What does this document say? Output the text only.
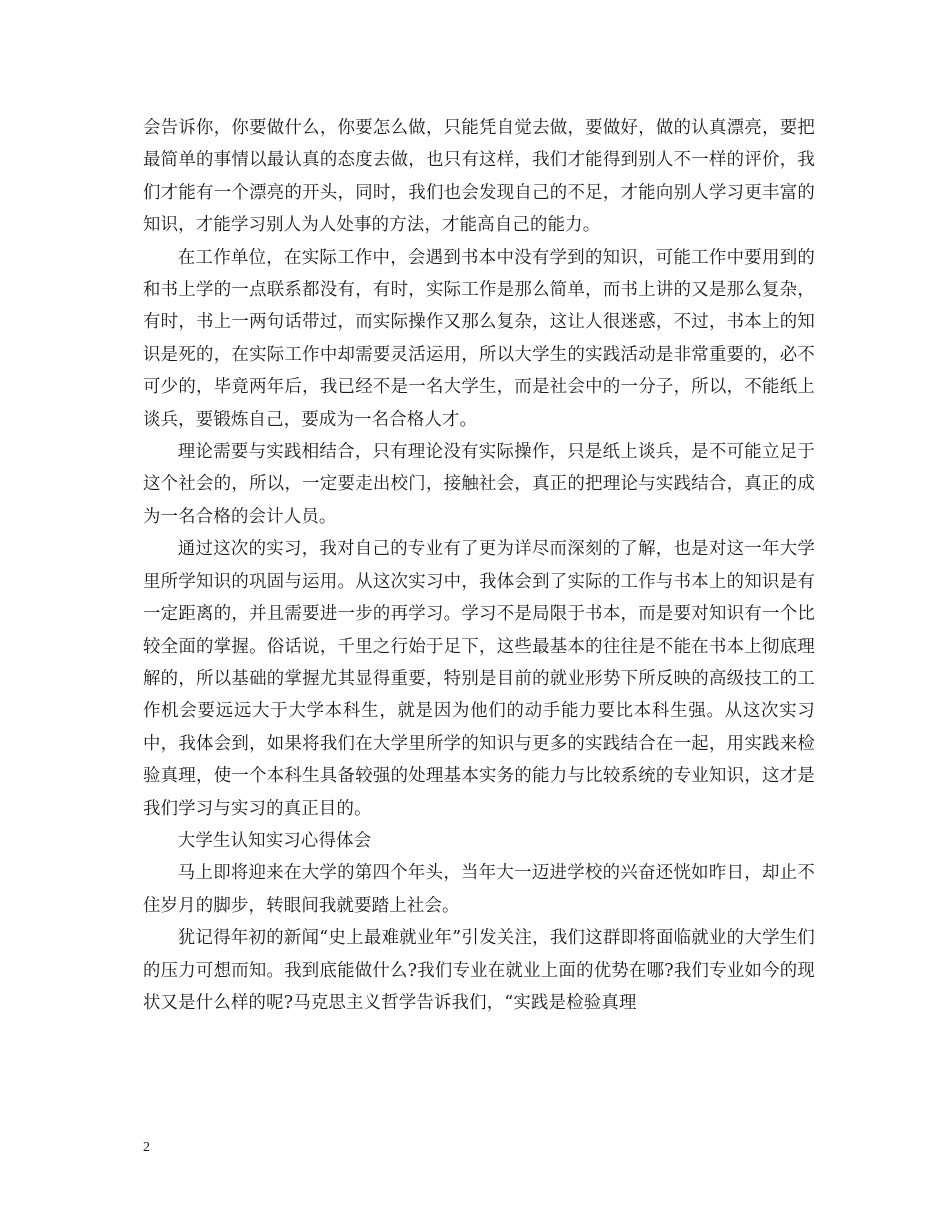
会告诉你，你要做什么，你要怎么做，只能凭自觉去做，要做好，做的认真漂亮，要把最简单的事情以最认真的态度去做，也只有这样，我们才能得到别人不一样的评价，我们才能有一个漂亮的开头，同时，我们也会发现自己的不足，才能向别人学习更丰富的知识，才能学习别人为人处事的方法，才能高自己的能力。

在工作单位，在实际工作中，会遇到书本中没有学到的知识，可能工作中要用到的和书上学的一点联系都没有，有时，实际工作是那么简单，而书上讲的又是那么复杂，有时，书上一两句话带过，而实际操作又那么复杂，这让人很迷惑，不过，书本上的知识是死的，在实际工作中却需要灵活运用，所以大学生的实践活动是非常重要的，必不可少的，毕竟两年后，我已经不是一名大学生，而是社会中的一分子，所以，不能纸上谈兵，要锻炼自己，要成为一名合格人才。

理论需要与实践相结合，只有理论没有实际操作，只是纸上谈兵，是不可能立足于这个社会的，所以，一定要走出校门，接触社会，真正的把理论与实践结合，真正的成为一名合格的会计人员。

通过这次的实习，我对自己的专业有了更为详尽而深刻的了解，也是对这一年大学里所学知识的巩固与运用。从这次实习中，我体会到了实际的工作与书本上的知识是有一定距离的，并且需要进一步的再学习。学习不是局限于书本，而是要对知识有一个比较全面的掌握。俗话说，千里之行始于足下，这些最基本的往往是不能在书本上彻底理解的，所以基础的掌握尤其显得重要，特别是目前的就业形势下所反映的高级技工的工作机会要远远大于大学本科生，就是因为他们的动手能力要比本科生强。从这次实习中，我体会到，如果将我们在大学里所学的知识与更多的实践结合在一起，用实践来检验真理，使一个本科生具备较强的处理基本实务的能力与比较系统的专业知识，这才是我们学习与实习的真正目的。

大学生认知实习心得体会

马上即将迎来在大学的第四个年头，当年大一迈进学校的兴奋还恍如昨日，却止不住岁月的脚步，转眼间我就要踏上社会。

犹记得年初的新闻“史上最难就业年”引发关注，我们这群即将面临就业的大学生们的压力可想而知。我到底能做什么?我们专业在就业上面的优势在哪?我们专业如今的现状又是什么样的呢?马克思主义哲学告诉我们，“实践是检验真理

2
